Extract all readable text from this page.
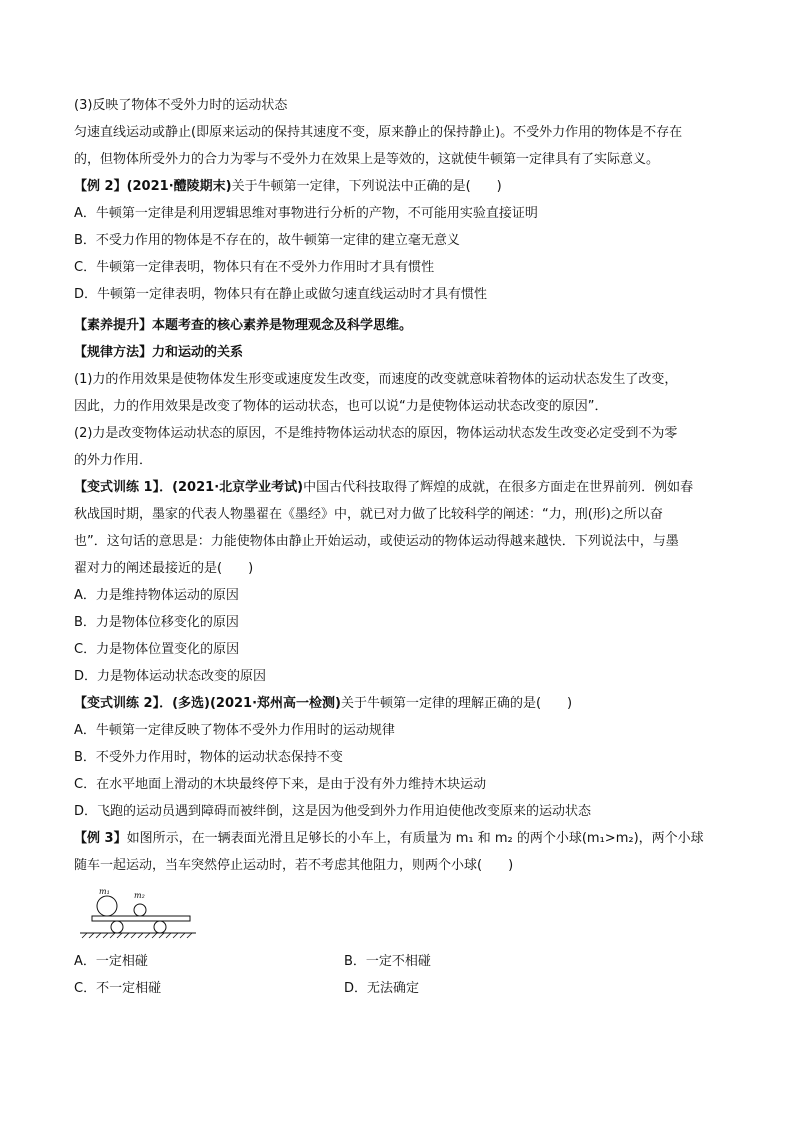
(3)反映了物体不受外力时的运动状态
匀速直线运动或静止(即原来运动的保持其速度不变，原来静止的保持静止)。不受外力作用的物体是不存在
的，但物体所受外力的合力为零与不受外力在效果上是等效的，这就使牛顿第一定律具有了实际意义。
【例 2】(2021·醴陵期末)关于牛顿第一定律，下列说法中正确的是(　　)
A．牛顿第一定律是利用逻辑思维对事物进行分析的产物，不可能用实验直接证明
B．不受力作用的物体是不存在的，故牛顿第一定律的建立毫无意义
C．牛顿第一定律表明，物体只有在不受外力作用时才具有惯性
D．牛顿第一定律表明，物体只有在静止或做匀速直线运动时才具有惯性
【素养提升】本题考查的核心素养是物理观念及科学思维。
【规律方法】力和运动的关系
(1)力的作用效果是使物体发生形变或速度发生改变，而速度的改变就意味着物体的运动状态发生了改变，
因此，力的作用效果是改变了物体的运动状态，也可以说“力是使物体运动状态改变的原因”．
(2)力是改变物体运动状态的原因，不是维持物体运动状态的原因，物体运动状态发生改变必定受到不为零
的外力作用．
【变式训练 1】．(2021·北京学业考试)中国古代科技取得了辉煌的成就，在很多方面走在世界前列．例如春
秋战国时期，墨家的代表人物墨翟在《墨经》中，就已对力做了比较科学的阐述：“力，刑(形)之所以奋
也”．这句话的意思是：力能使物体由静止开始运动，或使运动的物体运动得越来越快．下列说法中，与墨
翟对力的阐述最接近的是(　　)
A．力是维持物体运动的原因
B．力是物体位移变化的原因
C．力是物体位置变化的原因
D．力是物体运动状态改变的原因
【变式训练 2】．(多选)(2021·郑州高一检测)关于牛顿第一定律的理解正确的是(　　)
A．牛顿第一定律反映了物体不受外力作用时的运动规律
B．不受外力作用时，物体的运动状态保持不变
C．在水平地面上滑动的木块最终停下来，是由于没有外力维持木块运动
D．飞跑的运动员遇到障碍而被绊倒，这是因为他受到外力作用迫使他改变原来的运动状态
【例 3】如图所示，在一辆表面光滑且足够长的小车上，有质量为 m₁ 和 m₂ 的两个小球(m₁>m₂)，两个小球
随车一起运动，当车突然停止运动时，若不考虑其他阻力，则两个小球(　　)
m₁	m₂
A．一定相碰	B．一定不相碰
C．不一定相碰	D．无法确定
